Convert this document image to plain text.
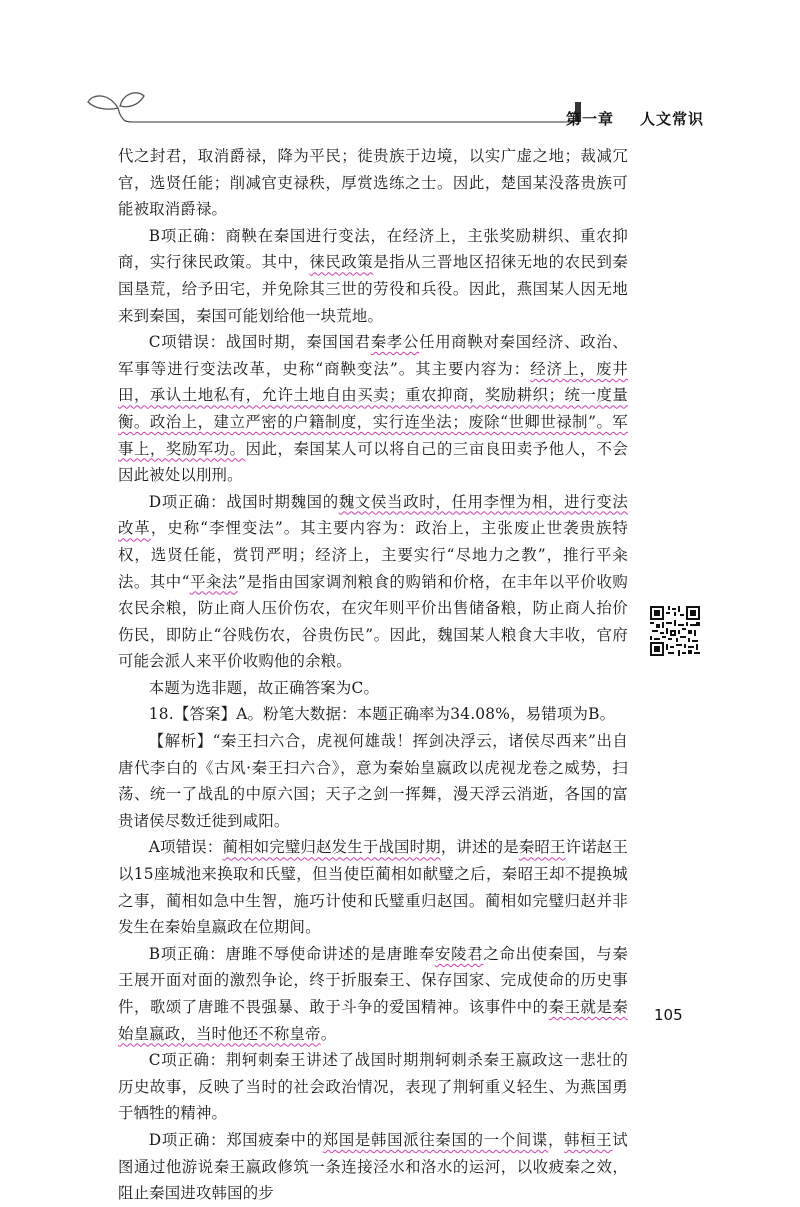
第一章 人文常识

代之封君，取消爵禄，降为平民；徙贵族于边境，以实广虚之地；裁减冗官，选贤任能；削减官吏禄秩，厚赏选练之士。因此，楚国某没落贵族可能被取消爵禄。

B项正确：商鞅在秦国进行变法，在经济上，主张奖励耕织、重农抑商，实行徕民政策。其中，徕民政策是指从三晋地区招徕无地的农民到秦国垦荒，给予田宅，并免除其三世的劳役和兵役。因此，燕国某人因无地来到秦国，秦国可能划给他一块荒地。

C项错误：战国时期，秦国国君秦孝公任用商鞅对秦国经济、政治、军事等进行变法改革，史称“商鞅变法”。其主要内容为：经济上，废井田，承认土地私有，允许土地自由买卖；重农抑商，奖励耕织；统一度量衡。政治上，建立严密的户籍制度，实行连坐法；废除“世卿世禄制”。军事上，奖励军功。因此，秦国某人可以将自己的三亩良田卖予他人，不会因此被处以刖刑。

D项正确：战国时期魏国的魏文侯当政时，任用李悝为相，进行变法改革，史称“李悝变法”。其主要内容为：政治上，主张废止世袭贵族特权，选贤任能，赏罚严明；经济上，主要实行“尽地力之教”，推行平籴法。其中“平籴法”是指由国家调剂粮食的购销和价格，在丰年以平价收购农民余粮，防止商人压价伤农，在灾年则平价出售储备粮，防止商人抬价伤民，即防止“谷贱伤农，谷贵伤民”。因此，魏国某人粮食大丰收，官府可能会派人来平价收购他的余粮。

本题为选非题，故正确答案为C。

18.【答案】A。粉笔大数据：本题正确率为34.08%，易错项为B。

【解析】“秦王扫六合，虎视何雄哉！挥剑决浮云，诸侯尽西来”出自唐代李白的《古风·秦王扫六合》，意为秦始皇嬴政以虎视龙卷之威势，扫荡、统一了战乱的中原六国；天子之剑一挥舞，漫天浮云消逝，各国的富贵诸侯尽数迁徙到咸阳。

A项错误：蔺相如完璧归赵发生于战国时期，讲述的是秦昭王许诺赵王以15座城池来换取和氏璧，但当使臣蔺相如献璧之后，秦昭王却不提换城之事，蔺相如急中生智，施巧计使和氏璧重归赵国。蔺相如完璧归赵并非发生在秦始皇嬴政在位期间。

B项正确：唐雎不辱使命讲述的是唐雎奉安陵君之命出使秦国，与秦王展开面对面的激烈争论，终于折服秦王、保存国家、完成使命的历史事件，歌颂了唐雎不畏强暴、敢于斗争的爱国精神。该事件中的秦王就是秦始皇嬴政，当时他还不称皇帝。

C项正确：荆轲刺秦王讲述了战国时期荆轲刺杀秦王嬴政这一悲壮的历史故事，反映了当时的社会政治情况，表现了荆轲重义轻生、为燕国勇于牺牲的精神。

D项正确：郑国疲秦中的郑国是韩国派往秦国的一个间谍，韩桓王试图通过他游说秦王嬴政修筑一条连接泾水和洛水的运河，以收疲秦之效，阻止秦国进攻韩国的步

105
